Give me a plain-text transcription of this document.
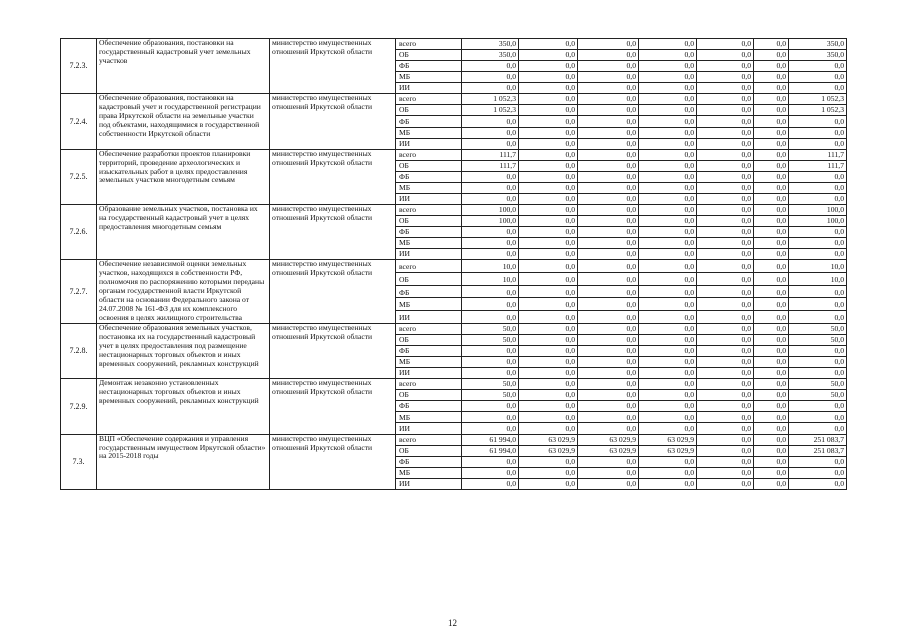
7.2.3.	Обеспечение образования, постановки на государственный кадастровый учет земельных участков	министерство имущественных отношений Иркутской области	всего	350,0	0,0	0,0	0,0	0,0	0,0	350,0
			ОБ	350,0	0,0	0,0	0,0	0,0	0,0	350,0
			ФБ	0,0	0,0	0,0	0,0	0,0	0,0	0,0
			МБ	0,0	0,0	0,0	0,0	0,0	0,0	0,0
			ИИ	0,0	0,0	0,0	0,0	0,0	0,0	0,0
7.2.4.	Обеспечение образования, постановки на кадастровый учет и государственной регистрации права Иркутской области на земельные участки под объектами, находящимися в государственной собственности Иркутской области	министерство имущественных отношений Иркутской области	всего	1 052,3	0,0	0,0	0,0	0,0	0,0	1 052,3
			ОБ	1 052,3	0,0	0,0	0,0	0,0	0,0	1 052,3
			ФБ	0,0	0,0	0,0	0,0	0,0	0,0	0,0
			МБ	0,0	0,0	0,0	0,0	0,0	0,0	0,0
			ИИ	0,0	0,0	0,0	0,0	0,0	0,0	0,0
7.2.5.	Обеспечение разработки проектов планировки территорий, проведение археологических и изыскательных работ в целях предоставления земельных участков многодетным семьям	министерство имущественных отношений Иркутской области	всего	111,7	0,0	0,0	0,0	0,0	0,0	111,7
			ОБ	111,7	0,0	0,0	0,0	0,0	0,0	111,7
			ФБ	0,0	0,0	0,0	0,0	0,0	0,0	0,0
			МБ	0,0	0,0	0,0	0,0	0,0	0,0	0,0
			ИИ	0,0	0,0	0,0	0,0	0,0	0,0	0,0
7.2.6.	Образование земельных участков, постановка их на государственный кадастровый учет в целях предоставления многодетным семьям	министерство имущественных отношений Иркутской области	всего	100,0	0,0	0,0	0,0	0,0	0,0	100,0
			ОБ	100,0	0,0	0,0	0,0	0,0	0,0	100,0
			ФБ	0,0	0,0	0,0	0,0	0,0	0,0	0,0
			МБ	0,0	0,0	0,0	0,0	0,0	0,0	0,0
			ИИ	0,0	0,0	0,0	0,0	0,0	0,0	0,0
7.2.7.	Обеспечение независимой оценки земельных участков, находящихся в собственности РФ, полномочия по распоряжению которыми переданы органам государственной власти Иркутской области на основании Федерального закона от 24.07.2008 № 161-ФЗ для их комплексного освоения в целях жилищного строительства	министерство имущественных отношений Иркутской области	всего	10,0	0,0	0,0	0,0	0,0	0,0	10,0
			ОБ	10,0	0,0	0,0	0,0	0,0	0,0	10,0
			ФБ	0,0	0,0	0,0	0,0	0,0	0,0	0,0
			МБ	0,0	0,0	0,0	0,0	0,0	0,0	0,0
			ИИ	0,0	0,0	0,0	0,0	0,0	0,0	0,0
7.2.8.	Обеспечение образования земельных участков, постановка их на государственный кадастровый учет в целях предоставления под размещение нестационарных торговых объектов и иных временных сооружений, рекламных конструкций	министерство имущественных отношений Иркутской области	всего	50,0	0,0	0,0	0,0	0,0	0,0	50,0
			ОБ	50,0	0,0	0,0	0,0	0,0	0,0	50,0
			ФБ	0,0	0,0	0,0	0,0	0,0	0,0	0,0
			МБ	0,0	0,0	0,0	0,0	0,0	0,0	0,0
			ИИ	0,0	0,0	0,0	0,0	0,0	0,0	0,0
7.2.9.	Демонтаж незаконно установленных нестационарных торговых объектов и иных временных сооружений, рекламных конструкций	министерство имущественных отношений Иркутской области	всего	50,0	0,0	0,0	0,0	0,0	0,0	50,0
			ОБ	50,0	0,0	0,0	0,0	0,0	0,0	50,0
			ФБ	0,0	0,0	0,0	0,0	0,0	0,0	0,0
			МБ	0,0	0,0	0,0	0,0	0,0	0,0	0,0
			ИИ	0,0	0,0	0,0	0,0	0,0	0,0	0,0
7.3.	ВЦП «Обеспечение содержания и управления государственным имуществом Иркутской области» на 2015-2018 годы	министерство имущественных отношений Иркутской области	всего	61 994,0	63 029,9	63 029,9	63 029,9	0,0	0,0	251 083,7
			ОБ	61 994,0	63 029,9	63 029,9	63 029,9	0,0	0,0	251 083,7
			ФБ	0,0	0,0	0,0	0,0	0,0	0,0	0,0
			МБ	0,0	0,0	0,0	0,0	0,0	0,0	0,0
			ИИ	0,0	0,0	0,0	0,0	0,0	0,0	0,0
12
